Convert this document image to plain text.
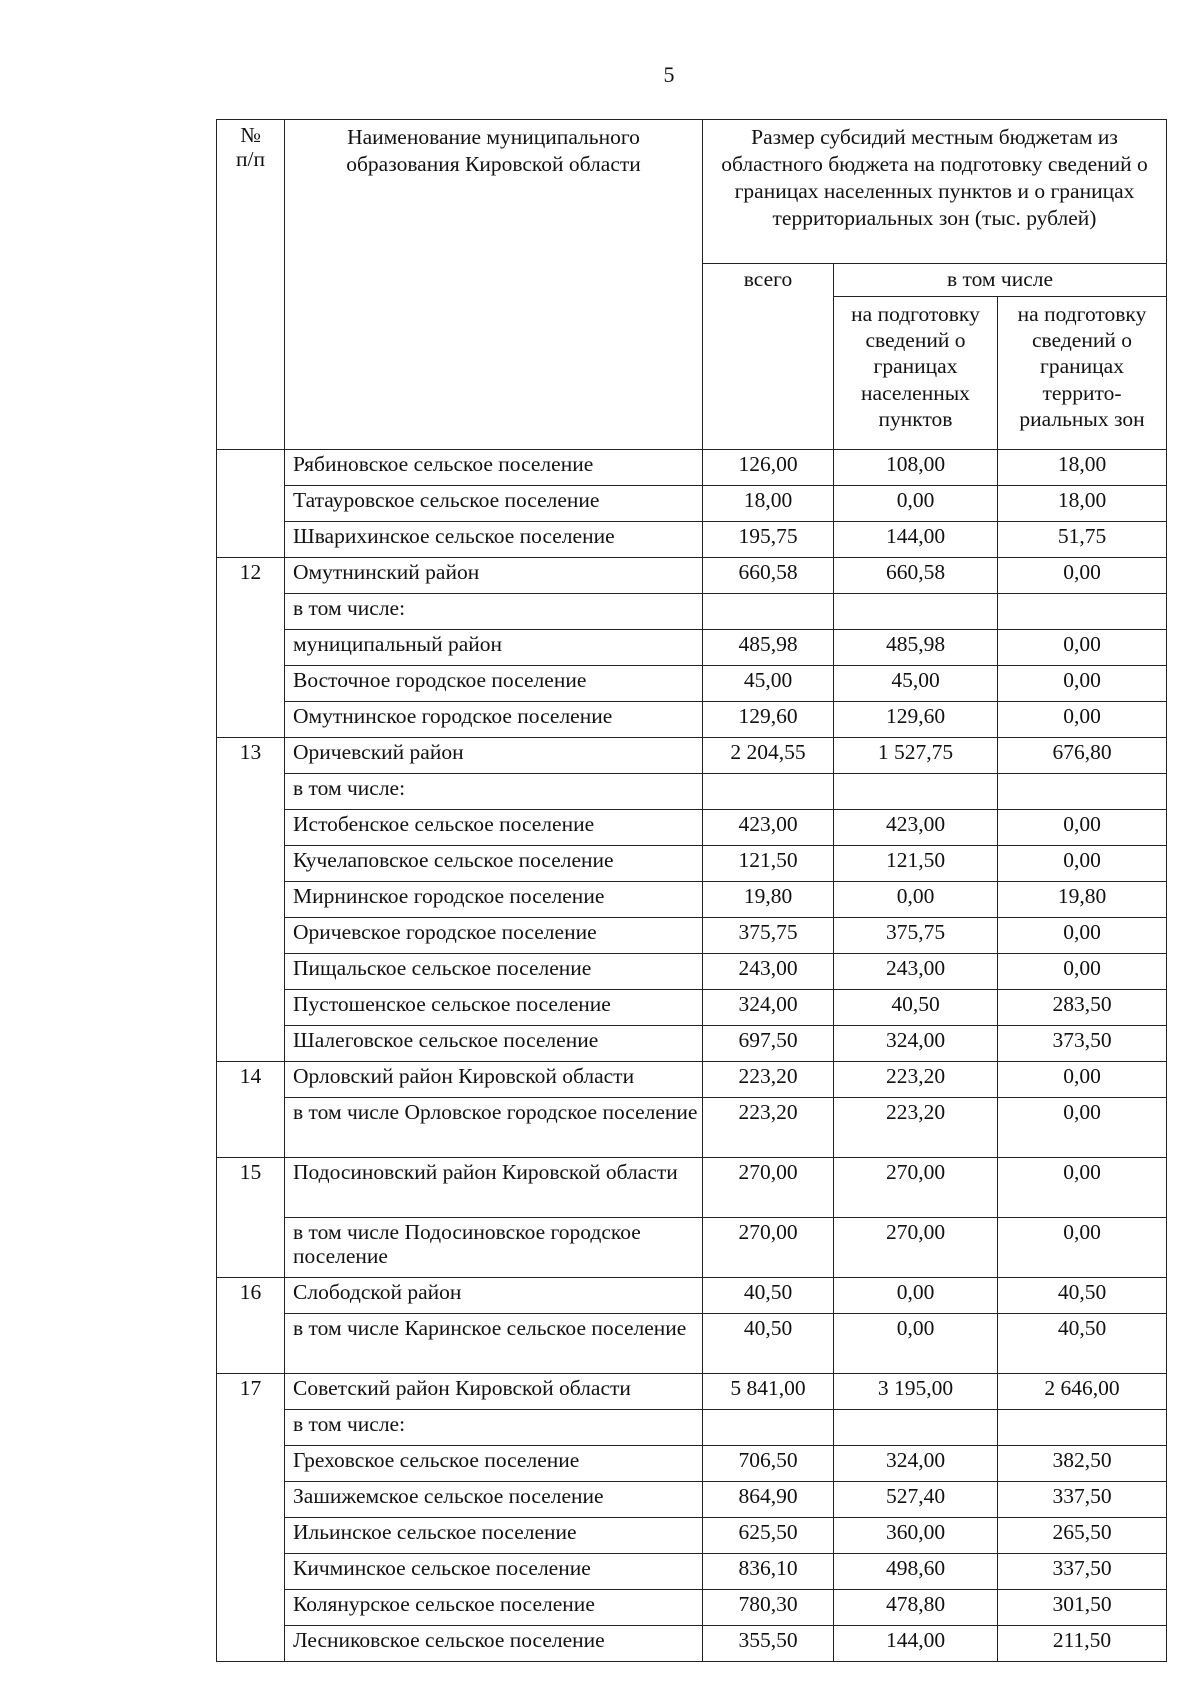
5
№
п/п	Наименование муниципального образования Кировской области	Размер субсидий местным бюджетам из областного бюджета на подготовку сведений о границах населенных пунктов и о границах территориальных зон (тыс. рублей)		
		всего	в том числе	
			на подготовку сведений о границах населенных пунктов	на подготовку сведений о границах террито-риальных зон
	Рябиновское сельское поселение	126,00	108,00	18,00
	Татауровское сельское поселение	18,00	0,00	18,00
	Шварихинское сельское поселение	195,75	144,00	51,75
12	Омутнинский район	660,58	660,58	0,00
	в том числе:			
	муниципальный район	485,98	485,98	0,00
	Восточное городское поселение	45,00	45,00	0,00
	Омутнинское городское поселение	129,60	129,60	0,00
13	Оричевский район	2 204,55	1 527,75	676,80
	в том числе:			
	Истобенское сельское поселение	423,00	423,00	0,00
	Кучелаповское сельское поселение	121,50	121,50	0,00
	Мирнинское городское поселение	19,80	0,00	19,80
	Оричевское городское поселение	375,75	375,75	0,00
	Пищальское сельское поселение	243,00	243,00	0,00
	Пустошенское сельское поселение	324,00	40,50	283,50
	Шалеговское сельское поселение	697,50	324,00	373,50
14	Орловский район Кировской области	223,20	223,20	0,00
	в том числе Орловское городское поселение	223,20	223,20	0,00
15	Подосиновский район Кировской области	270,00	270,00	0,00
	в том числе Подосиновское городское поселение	270,00	270,00	0,00
16	Слободской район	40,50	0,00	40,50
	в том числе Каринское сельское поселение	40,50	0,00	40,50
17	Советский район Кировской области	5 841,00	3 195,00	2 646,00
	в том числе:			
	Греховское сельское поселение	706,50	324,00	382,50
	Зашижемское сельское поселение	864,90	527,40	337,50
	Ильинское сельское поселение	625,50	360,00	265,50
	Кичминское сельское поселение	836,10	498,60	337,50
	Колянурское сельское поселение	780,30	478,80	301,50
	Лесниковское сельское поселение	355,50	144,00	211,50
